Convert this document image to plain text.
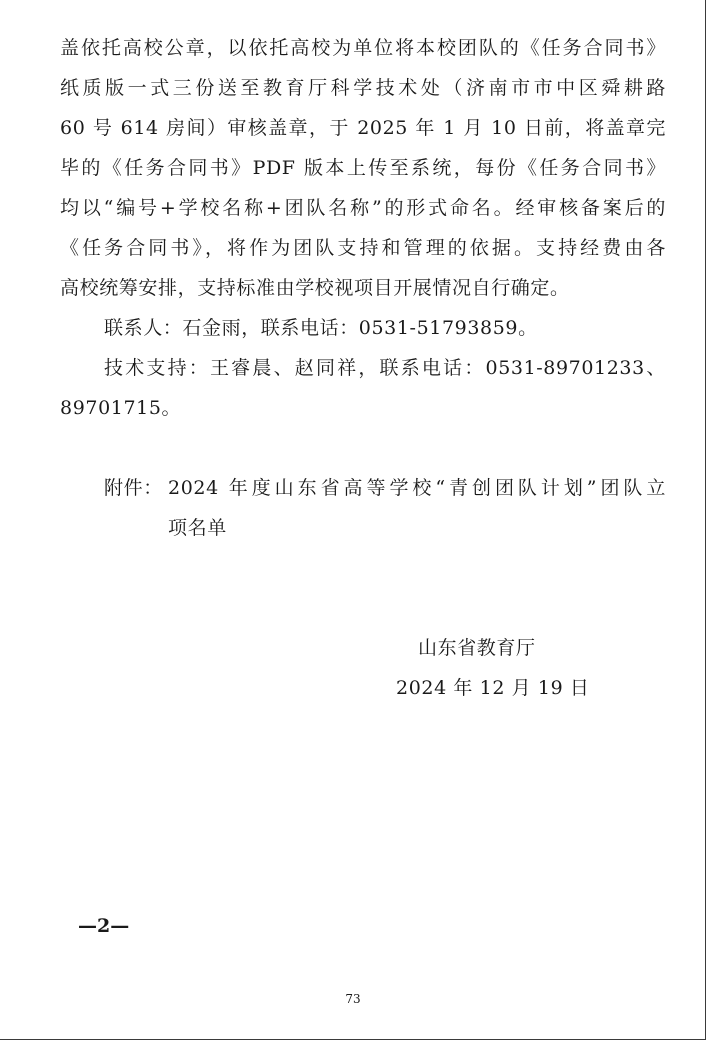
盖依托高校公章，以依托高校为单位将本校团队的《任务合同书》
纸质版一式三份送至教育厅科学技术处（济南市市中区舜耕路
60 号 614 房间）审核盖章，于 2025 年 1 月 10 日前，将盖章完
毕的《任务合同书》PDF 版本上传至系统，每份《任务合同书》
均以“编号+学校名称+团队名称”的形式命名。经审核备案后的
《任务合同书》，将作为团队支持和管理的依据。支持经费由各
高校统筹安排，支持标准由学校视项目开展情况自行确定。
联系人：石金雨，联系电话：0531-51793859。
技术支持：王睿晨、赵同祥，联系电话：0531-89701233、
89701715。
附件： 2024 年度山东省高等学校“青创团队计划”团队立
项名单
山东省教育厅
2024 年 12 月 19 日
—2—
73
